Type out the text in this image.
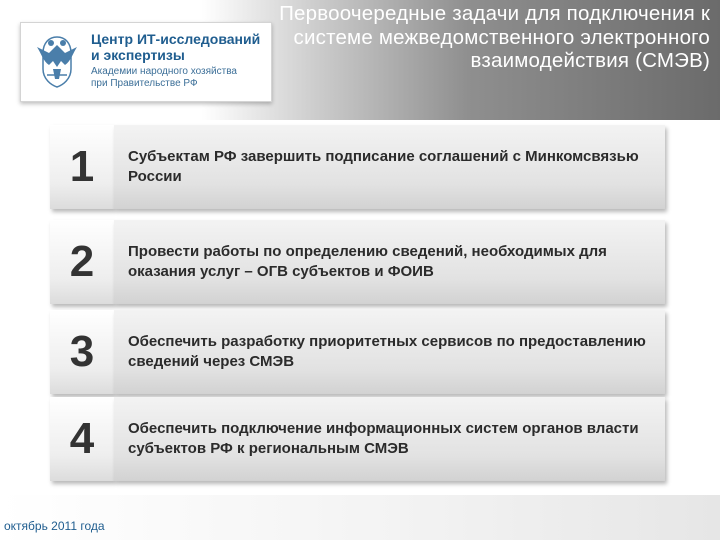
Центр ИТ-исследований
и экспертизы
Академии народного хозяйства
при Правительстве РФ
Первоочередные задачи для подключения к системе межведомственного электронного взаимодействия (СМЭВ)
1 Субъектам РФ завершить подписание соглашений с Минкомсвязью России
2 Провести работы по определению сведений, необходимых для оказания услуг – ОГВ субъектов и ФОИВ
3 Обеспечить разработку приоритетных сервисов по предоставлению сведений через СМЭВ
4 Обеспечить подключение информационных систем органов власти субъектов РФ к региональным СМЭВ
октябрь 2011 года
